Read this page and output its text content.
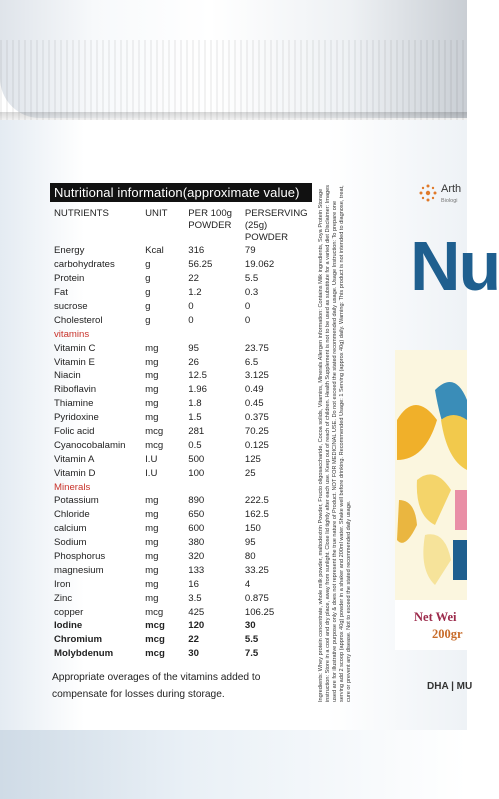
Nutritional information(approximate value)
NUTRIENTS	UNIT	PER 100g POWDER
PERSERVING (25g) POWDER
Energy	Kcal	316	79
carbohydrates	g	56.25	19.062
Protein	g	22	5.5
Fat	g	1.2	0.3
sucrose	g	0	0
Cholesterol	g	0	0
vitamins
Vitamin C	mg	95	23.75
Vitamin E	mg	26	6.5
Niacin	mg	12.5	3.125
Riboflavin	mg	1.96	0.49
Thiamine	mg	1.8	0.45
Pyridoxine	mg	1.5	0.375
Folic acid	mcg	281	70.25
Cyanocobalamin	mcg	0.5	0.125
Vitamin A	I.U	500	125
Vitamin D	I.U	100	25
Minerals
Potassium	mg	890	222.5
Chloride	mg	650	162.5
calcium	mg	600	150
Sodium	mg	380	95
Phosphorus	mg	320	80
magnesium	mg	133	33.25
Iron	mg	16	4
Zinc	mg	3.5	0.875
copper	mcg	425	106.25
Iodine	mcg	120	30
Chromium	mcg	22	5.5
Molybdenum	mcg	30	7.5
Appropriate overages of the vitamins added to compensate for losses during storage.	Ingredients: Whey protein concentrate, whole milk powder, maltodextrin Powder, Fructo oligosaccharide, Cocoa solids, Vitamins, Minerals Allergen information: Contains Milk ingredients, Soya Protein Storage instruction: Store in a cool and dry place, away from sunlight. Close lid tightly after each use. Keep out of reach of children. Health Supplement is not to be used as substitute for a varied diet Disclaimer: Images used are for illustrative purpose only & does not represent the true nature of Product. NOT FOR MEDICINAL USE. Do not exceed the stated recommended daily usage. Usage Instruction: To prepare one serving add 2 scoop (approx 40g) powder in a shaker and 200ml water. Shake well before drinking. Recommended Usage: 1 Serving (approx 40g) daily. Warning: This product is not intended to diagnose, treat, cure or prevent any disease. Not to exceed the stated recommended daily usage.
Arth
Biologi
Nu
Net Wei
200gr
DHA | MU
